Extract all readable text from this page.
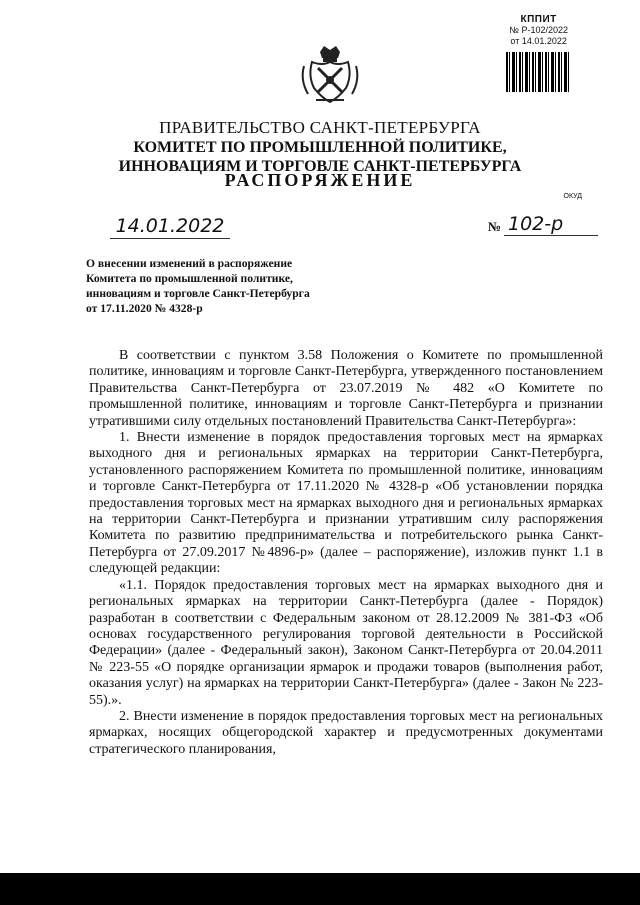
КППИТ
№ Р-102/2022
от 14.01.2022
ПРАВИТЕЛЬСТВО САНКТ-ПЕТЕРБУРГА
КОМИТЕТ ПО ПРОМЫШЛЕННОЙ ПОЛИТИКЕ,
ИННОВАЦИЯМ И ТОРГОВЛЕ САНКТ-ПЕТЕРБУРГА
РАСПОРЯЖЕНИЕ
ОКУД
14.01.2022	№ 102-р
О внесении изменений в распоряжение
Комитета по промышленной политике,
инновациям и торговле Санкт-Петербурга
от 17.11.2020 № 4328-р

В соответствии с пунктом 3.58 Положения о Комитете по промышленной политике, инновациям и торговле Санкт-Петербурга, утвержденного постановлением Правительства Санкт-Петербурга от 23.07.2019 № 482 «О Комитете по промышленной политике, инновациям и торговле Санкт-Петербурга и признании утратившими силу отдельных постановлений Правительства Санкт-Петербурга»:

1. Внести изменение в порядок предоставления торговых мест на ярмарках выходного дня и региональных ярмарках на территории Санкт-Петербурга, установленного распоряжением Комитета по промышленной политике, инновациям и торговле Санкт-Петербурга от 17.11.2020 № 4328-р «Об установлении порядка предоставления торговых мест на ярмарках выходного дня и региональных ярмарках на территории Санкт-Петербурга и признании утратившим силу распоряжения Комитета по развитию предпринимательства и потребительского рынка Санкт-Петербурга от 27.09.2017 №4896-р» (далее – распоряжение), изложив пункт 1.1 в следующей редакции:

«1.1. Порядок предоставления торговых мест на ярмарках выходного дня и региональных ярмарках на территории Санкт-Петербурга (далее - Порядок) разработан в соответствии с Федеральным законом от 28.12.2009 № 381-ФЗ «Об основах государственного регулирования торговой деятельности в Российской Федерации» (далее - Федеральный закон), Законом Санкт-Петербурга от 20.04.2011 № 223-55 «О порядке организации ярмарок и продажи товаров (выполнения работ, оказания услуг) на ярмарках на территории Санкт-Петербурга» (далее - Закон № 223-55).».

2. Внести изменение в порядок предоставления торговых мест на региональных ярмарках, носящих общегородской характер и предусмотренных документами стратегического планирования,
